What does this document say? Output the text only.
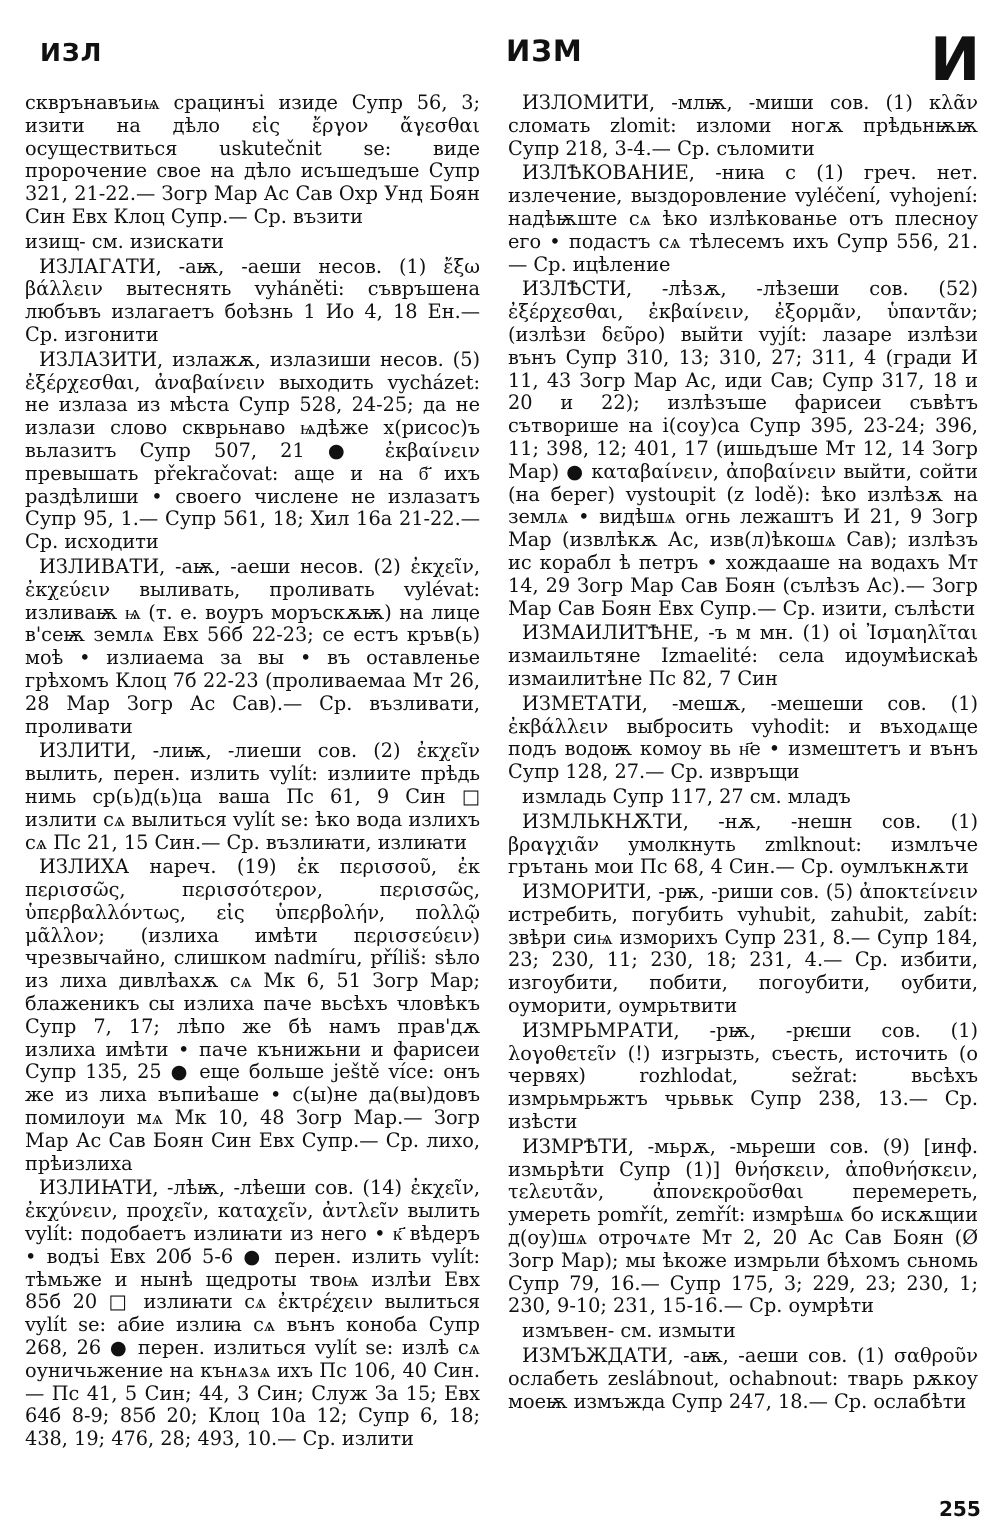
ИЗЛ	ИЗМ	И

скврънавъиѩ срацинъі изиде Супр 56, 3; изити на дѣло εἰς ἔργον ἄγεσθαι осуществиться uskutečnit se: виде пророчение свое на дѣло исъшедъше Супр 321, 21-22.— Зогр Мар Ас Сав Охр Унд Боян Син Евх Клоц Супр.— Ср. възити

изищ- см. изискати

ИЗЛАГАТИ, -аѭ, -аеши несов. (1) ἔξω βάλλειν вытеснять vyháněti: съвръшена любъвъ излагаетъ боѣзнь 1 Ио 4, 18 Ен.— Ср. изгонити

ИЗЛАЗИТИ, излажѫ, излазиши несов. (5) ἐξέρχεσθαι, ἀναβαίνειν выходить vycházet: не излаза из мѣста Супр 528, 24-25; да не излази слово скврьнаво ѩдѣже х(рисос)ъ вьлазитъ Супр 507, 21 ● ἐκβαίνειν превышать překračovat: аще и на б҃ ихъ раздѣлиши • своего числене не излазатъ Супр 95, 1.— Супр 561, 18; Хил 16а 21-22.— Ср. исходити

ИЗЛИВАТИ, -аѭ, -аеши несов. (2) ἐκχεῖν, ἐκχεύειν выливать, проливать vylévat: изливаѭ ѩ (т. е. воуръ моръскѫѭ) на лице в'сеѭ землѧ Евх 56б 22-23; се естъ кръв(ь) моѣ • излиаема за вы • въ оставленье грѣхомъ Клоц 7б 22-23 (проливаемаа Мт 26, 28 Мар Зогр Ас Сав).— Ср. възливати, проливати

ИЗЛИТИ, -лиѭ, -лиеши сов. (2) ἐκχεῖν вылить, перен. излить vylít: излиите прѣдь нимь ср(ь)д(ь)ца ваша Пс 61, 9 Син □ излити сѧ вылиться vylít se: ѣко вода излихъ сѧ Пс 21, 15 Син.— Ср. възлиꙗти, излиꙗти

ИЗЛИХА нареч. (19) ἐκ περισσοῦ, ἐκ περισσῶς, περισσότερον, περισσῶς, ὑπερβαλλόντως, εἰς ὑπερβολήν, πολλῷ μᾶλλον; (излиха имѣти περισσεύειν) чрезвычайно, слишком nadmíru, příliš: ѕѣло из лиха дивлѣахѫ сѧ Мк 6, 51 Зогр Мар; блаженикъ сы излиха паче вьсѣхъ чловѣкъ Супр 7, 17; лѣпо же бѣ намъ прав'дѫ излиха имѣти • паче кънижьни и фарисеи Супр 135, 25 ● еще больше ještě více: онъ же из лиха въпиѣаше • с(ы)не да(вы)довъ помилоуи мѧ Мк 10, 48 Зогр Мар.— Зогр Мар Ас Сав Боян Син Евх Супр.— Ср. лихо, прѣизлиха

ИЗЛИꙖТИ, -лѣѭ, -лѣеши сов. (14) ἐκχεῖν, ἐκχύνειν, προχεῖν, καταχεῖν, ἀντλεῖν вылить vylít: подобаетъ излиꙗти из него • к҃ вѣдеръ • водъі Евх 20б 5-6 ● перен. излить vylít: тѣмьже и нынѣ щедроты твоѩ излѣи Евх 85б 20 □ излиꙗти сѧ ἐκτρέχειν вылиться vylít se: абие излиꙗ сѧ вънъ коноба Супр 268, 26 ● перен. излиться vylít se: излѣ сѧ оуничьжение на кънѧзѧ ихъ Пс 106, 40 Син.— Пс 41, 5 Син; 44, 3 Син; Служ За 15; Евх 64б 8-9; 85б 20; Клоц 10а 12; Супр 6, 18; 438, 19; 476, 28; 493, 10.— Ср. излити

ИЗЛОМИТИ, -млѭ, -миши сов. (1) κλᾶν сломать zlomit: изломи ногѫ прѣдьнѭѭ Супр 218, 3-4.— Ср. съломити

ИЗЛѢКОВАНИЕ, -ниꙗ с (1) греч. нет. излечение, выздоровление vyléčení, vyhojení: надѣѭште сѧ ѣко излѣкованье отъ плесноу его • подастъ сѧ тѣлесемъ ихъ Супр 556, 21.— Ср. ицѣление

ИЗЛѢСТИ, -лѣзѫ, -лѣзеши сов. (52) ἐξέρχεσθαι, ἐκβαίνειν, ἐξορμᾶν, ὑπαντᾶν; (излѣзи δεῦρο) выйти vyjít: лазаре излѣзи вънъ Супр 310, 13; 310, 27; 311, 4 (гради И 11, 43 Зогр Мар Ас, иди Сав; Супр 317, 18 и 20 и 22); излѣзъше фарисеи съвѣтъ сътворише на і(соу)са Супр 395, 23-24; 396, 11; 398, 12; 401, 17 (ишьдъше Мт 12, 14 Зогр Мар) ● καταβαίνειν, ἀποβαίνειν выйти, сойти (на берег) vystoupit (z lodě): ѣко излѣзѫ на землѧ • видѣшѧ огнь лежаштъ И 21, 9 Зогр Мар (извлѣкѫ Ас, изв(л)ѣкошѧ Сав); излѣзъ ис корабл ѣ петръ • хождааше на водахъ Мт 14, 29 Зогр Мар Сав Боян (сълѣзъ Ас).— Зогр Мар Сав Боян Евх Супр.— Ср. изити, сълѣсти

ИЗМАИЛИТѢНЕ, -ъ м мн. (1) οἱ Ἰσμαηλῖται измаильтяне Izmaelité: села идоумѣискаѣ измаилитѣне Пс 82, 7 Син

ИЗМЕТАТИ, -мешѫ, -мешеши сов. (1) ἐκβάλλειν выбросить vyhodit: и въходѧще подъ водоѭ комоу вь н҃е • измештетъ и вънъ Супр 128, 27.— Ср. извръщи

измладь Супр 117, 27 см. младъ

ИЗМЛЬКНѪТИ, -нѫ, -нешн сов. (1) βραγχιᾶν умолкнуть zmlknout: измлъче грътань мои Пс 68, 4 Син.— Ср. оумлъкнѫти

ИЗМОРИТИ, -рѭ, -риши сов. (5) ἀποκτείνειν истребить, погубить vyhubit, zahubit, zabít: звѣри сиѩ изморихъ Супр 231, 8.— Супр 184, 23; 230, 11; 230, 18; 231, 4.— Ср. избити, изгоубити, побити, погоубити, оубити, оуморити, оумрьтвити

ИЗМРЬМРАТИ, -рѭ, -рѥши сов. (1) λογοθετεῖν (!) изгрызть, съесть, источить (о червях) rozhlodat, sežrat: вьсѣхъ измрьмрьжтъ чрьвьк Супр 238, 13.— Ср. изѣсти

ИЗМРѢТИ, -мьрѫ, -мьреши сов. (9) [инф. измьрѣти Супр (1)] θνήσκειν, ἀποθνήσκειν, τελευτᾶν, ἀπονεκροῦσθαι перемереть, умереть pomřít, zemřít: измрѣшѧ бо искѫщии д(оу)шѧ отрочѧте Мт 2, 20 Ас Сав Боян (Ø Зогр Мар); мы ѣкоже измрьли бѣхомъ сьномь Супр 79, 16.— Супр 175, 3; 229, 23; 230, 1; 230, 9-10; 231, 15-16.— Ср. оумрѣти

измъвен- см. измыти

ИЗМЪЖДАТИ, -аѭ, -аеши сов. (1) σαθροῦν ослабеть zeslábnout, ochabnout: тварь рѫкоу моеѭ измъжда Супр 247, 18.— Ср. ослабѣти

255
